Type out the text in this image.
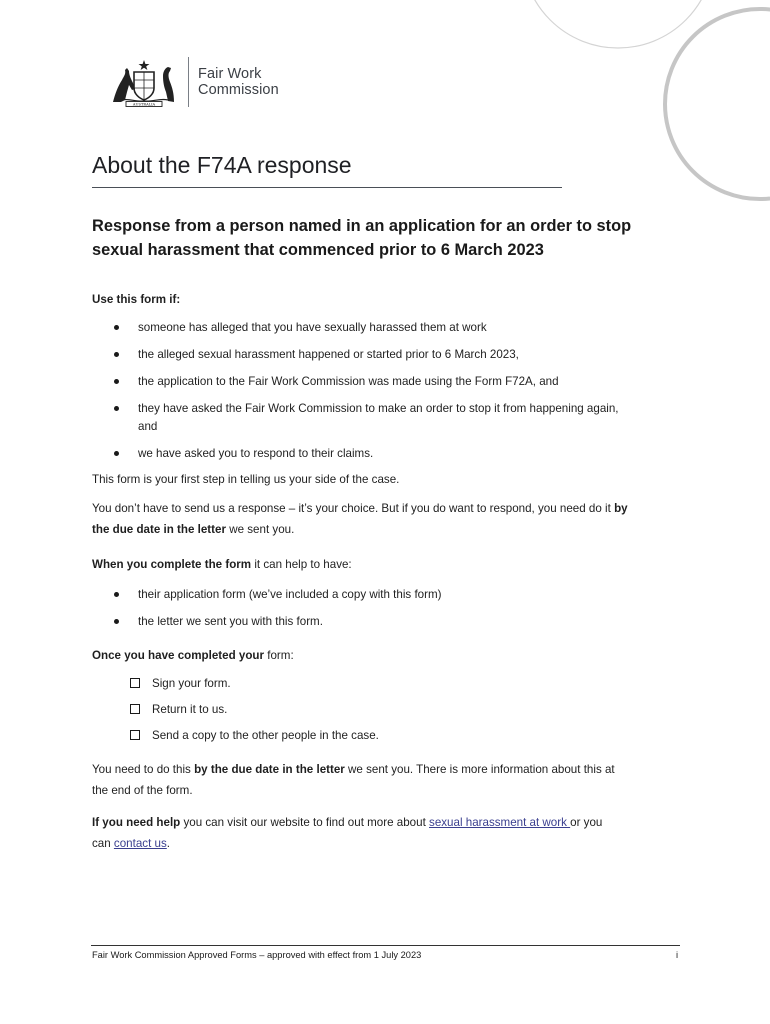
AUSTRALIA
Fair Work
Commission
About the F74A response
Response from a person named in an application for an order to stop sexual harassment that commenced prior to 6 March 2023
Use this form if:
someone has alleged that you have sexually harassed them at work
the alleged sexual harassment happened or started prior to 6 March 2023,
the application to the Fair Work Commission was made using the Form F72A, and
they have asked the Fair Work Commission to make an order to stop it from happening again, and
we have asked you to respond to their claims.
This form is your first step in telling us your side of the case.
You don’t have to send us a response – it’s your choice. But if you do want to respond, you need do it by the due date in the letter we sent you.
When you complete the form it can help to have:
their application form (we’ve included a copy with this form)
the letter we sent you with this form.
Once you have completed your form:
Sign your form.
Return it to us.
Send a copy to the other people in the case.
You need to do this by the due date in the letter we sent you. There is more information about this at the end of the form.
If you need help you can visit our website to find out more about sexual harassment at work or you can contact us.
Fair Work Commission Approved Forms – approved with effect from 1 July 2023	i
